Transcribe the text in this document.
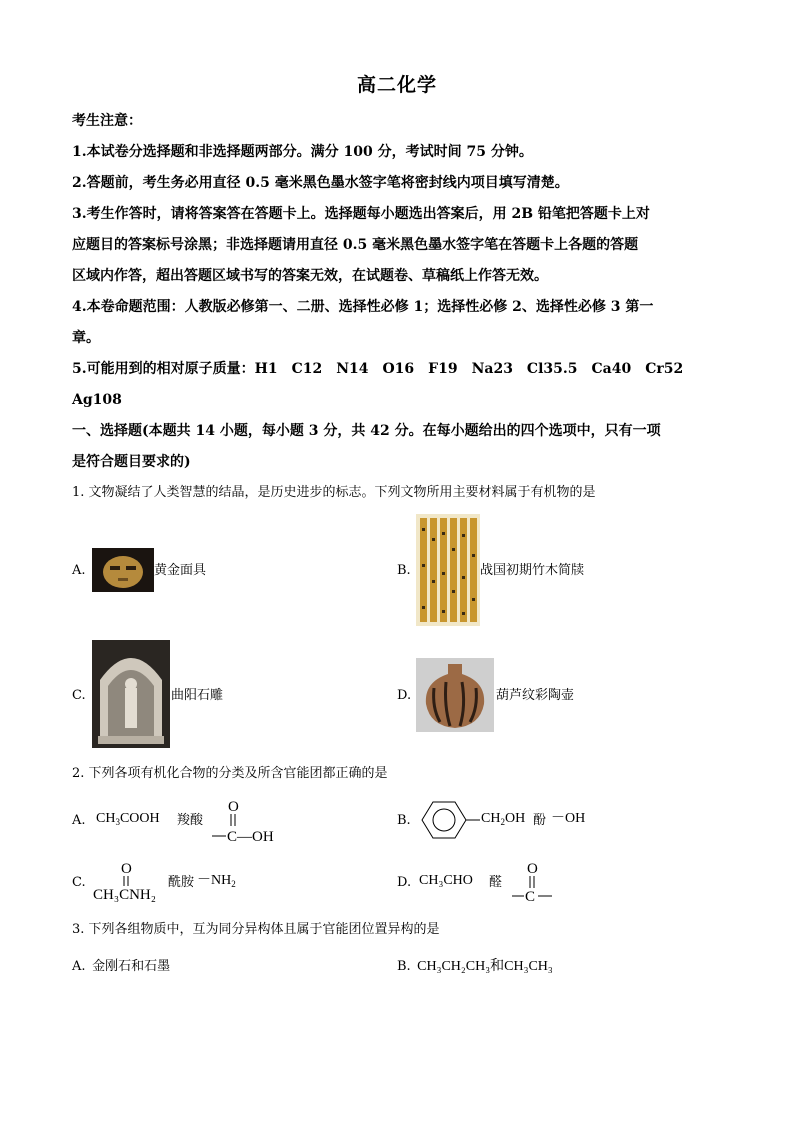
高二化学
考生注意：
1.本试卷分选择题和非选择题两部分。满分 100 分，考试时间 75 分钟。
2.答题前，考生务必用直径 0.5 毫米黑色墨水签字笔将密封线内项目填写清楚。
3.考生作答时，请将答案答在答题卡上。选择题每小题选出答案后，用 2B 铅笔把答题卡上对
应题目的答案标号涂黑；非选择题请用直径 0.5 毫米黑色墨水签字笔在答题卡上各题的答题
区域内作答，超出答题区域书写的答案无效，在试题卷、草稿纸上作答无效。
4.本卷命题范围：人教版必修第一、二册、选择性必修 1；选择性必修 2、选择性必修 3 第一
章。
5.可能用到的相对原子质量：H1　C12　N14　O16　F19　Na23　Cl35.5　Ca40　Cr52
Ag108
一、选择题(本题共 14 小题，每小题 3 分，共 42 分。在每小题给出的四个选项中，只有一项
是符合题目要求的)
1. 文物凝结了人类智慧的结晶，是历史进步的标志。下列文物所用主要材料属于有机物的是
A.	黄金面具	B.	战国初期竹木简牍
C.	曲阳石雕	D.	葫芦纹彩陶壶
2. 下列各项有机化合物的分类及所含官能团都正确的是
A. $CH_3COOH$ 羧酸
O
C—OH
B.	$CH_2OH$ 酚 －OH
C.
O
CH₃CNH₂
酰胺 $-NH_2$	D. CH₃CHO 醛
O
C
3. 下列各组物质中，互为同分异构体且属于官能团位置异构的是
A. 金刚石和石墨	B. CH₃CH₂CH₃和CH₃CH₃
